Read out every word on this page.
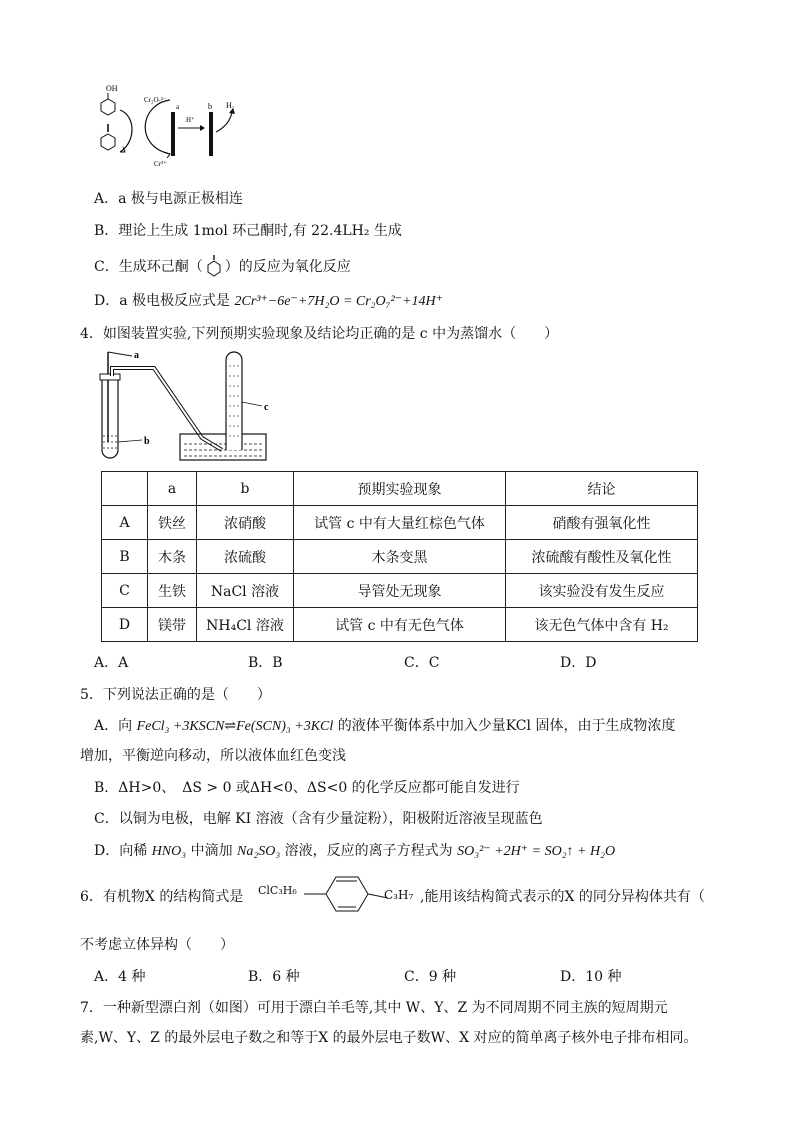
OH
Cr₂O₇²⁻
Cr³⁺
a
H⁺
b H₂
A．a 极与电源正极相连
B．理论上生成 1mol 环己酮时,有 22.4LH₂ 生成
C．生成环己酮（ ）的反应为氧化反应
D．a 极电极反应式是 2Cr³⁺−6e⁻+7H₂O = Cr₂O₇²⁻+14H⁺
4．如图装置实验,下列预期实验现象及结论均正确的是 c 中为蒸馏水（　　）
a
b
c
	a	b	预期实验现象	结论
A	铁丝	浓硝酸	试管 c 中有大量红棕色气体	硝酸有强氧化性
B	木条	浓硫酸	木条变黑	浓硫酸有酸性及氧化性
C	生铁	NaCl 溶液	导管处无现象	该实验没有发生反应
D	镁带	NH₄Cl 溶液	试管 c 中有无色气体	该无色气体中含有 H₂
A．A	B．B	C．C	D．D
5．下列说法正确的是（　　）
A．向 FeCl₃ +3KSCN⇌Fe(SCN)₃ +3KCl 的液体平衡体系中加入少量KCl 固体，由于生成物浓度
增加，平衡逆向移动，所以液体血红色变浅
B．ΔH>0、　ΔS > 0 或ΔH<0、ΔS<0 的化学反应都可能自发进行
C．以铜为电极，电解 KI 溶液（含有少量淀粉），阳极附近溶液呈现蓝色
D．向稀 HNO₃ 中滴加 Na₂SO₃ 溶液，反应的离子方程式为 SO₃²⁻ +2H⁺ = SO₂↑ + H₂O
6．有机物X 的结构简式是 ClC₃H₆	C₃H₇ ,能用该结构简式表示的X 的同分异构体共有（
不考虑立体异构（　　）
A．4 种	B．6 种	C．9 种	D．10 种
7．一种新型漂白剂（如图）可用于漂白羊毛等,其中 W、Y、Z 为不同周期不同主族的短周期元
素,W、Y、Z 的最外层电子数之和等于X 的最外层电子数W、X 对应的简单离子核外电子排布相同。
